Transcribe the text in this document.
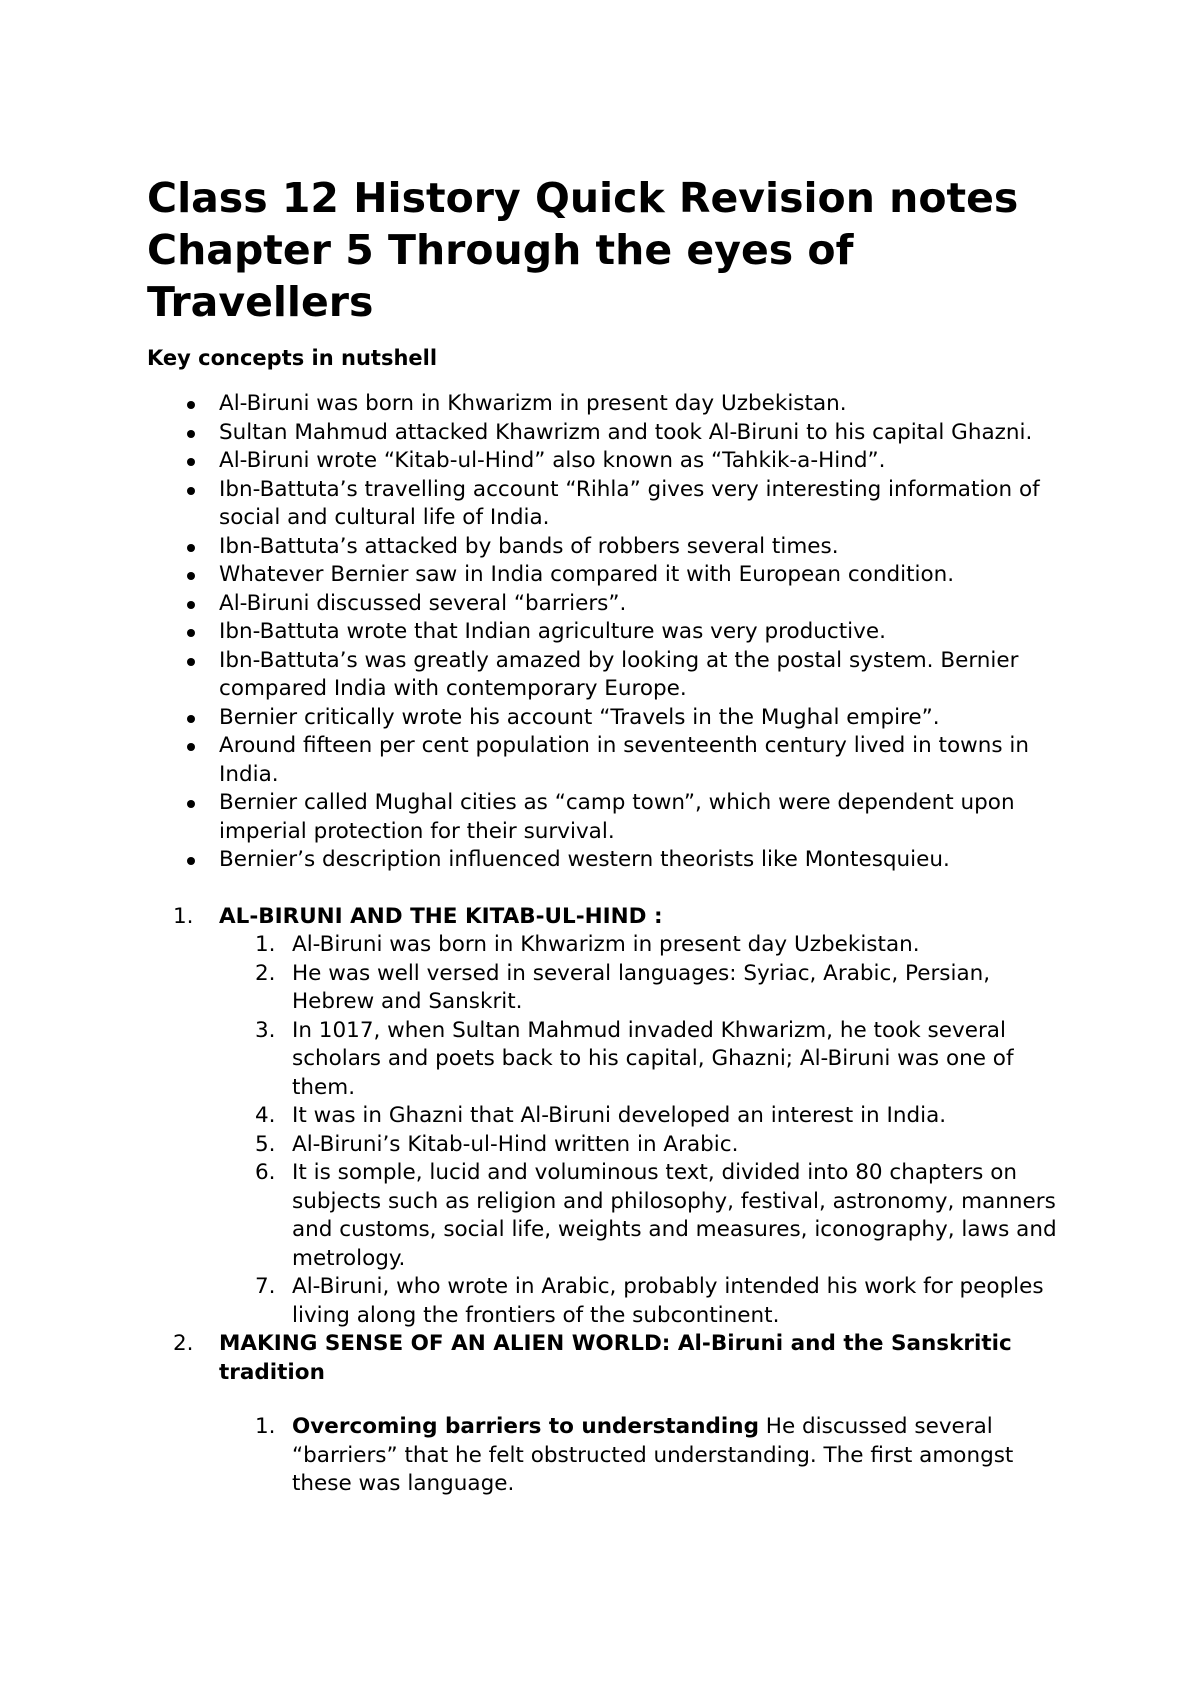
Class 12 History Quick Revision notes Chapter 5 Through the eyes of Travellers
Key concepts in nutshell
Al-Biruni was born in Khwarizm in present day Uzbekistan.
Sultan Mahmud attacked Khawrizm and took Al-Biruni to his capital Ghazni.
Al-Biruni wrote “Kitab-ul-Hind” also known as “Tahkik-a-Hind”.
Ibn-Battuta’s travelling account “Rihla” gives very interesting information of social and cultural life of India.
Ibn-Battuta’s attacked by bands of robbers several times.
Whatever Bernier saw in India compared it with European condition.
Al-Biruni discussed several “barriers”.
Ibn-Battuta wrote that Indian agriculture was very productive.
Ibn-Battuta’s was greatly amazed by looking at the postal system. Bernier compared India with contemporary Europe.
Bernier critically wrote his account “Travels in the Mughal empire”.
Around fifteen per cent population in seventeenth century lived in towns in India.
Bernier called Mughal cities as “camp town”, which were dependent upon imperial protection for their survival.
Bernier’s description influenced western theorists like Montesquieu.
1. AL-BIRUNI AND THE KITAB-UL-HIND :
1. Al-Biruni was born in Khwarizm in present day Uzbekistan.
2. He was well versed in several languages: Syriac, Arabic, Persian, Hebrew and Sanskrit.
3. In 1017, when Sultan Mahmud invaded Khwarizm, he took several scholars and poets back to his capital, Ghazni; Al-Biruni was one of them.
4. It was in Ghazni that Al-Biruni developed an interest in India.
5. Al-Biruni’s Kitab-ul-Hind written in Arabic.
6. It is somple, lucid and voluminous text, divided into 80 chapters on subjects such as religion and philosophy, festival, astronomy, manners and customs, social life, weights and measures, iconography, laws and metrology.
7. Al-Biruni, who wrote in Arabic, probably intended his work for peoples living along the frontiers of the subcontinent.
2. MAKING SENSE OF AN ALIEN WORLD: Al-Biruni and the Sanskritic tradition
1. Overcoming barriers to understanding He discussed several “barriers” that he felt obstructed understanding. The first amongst these was language.
